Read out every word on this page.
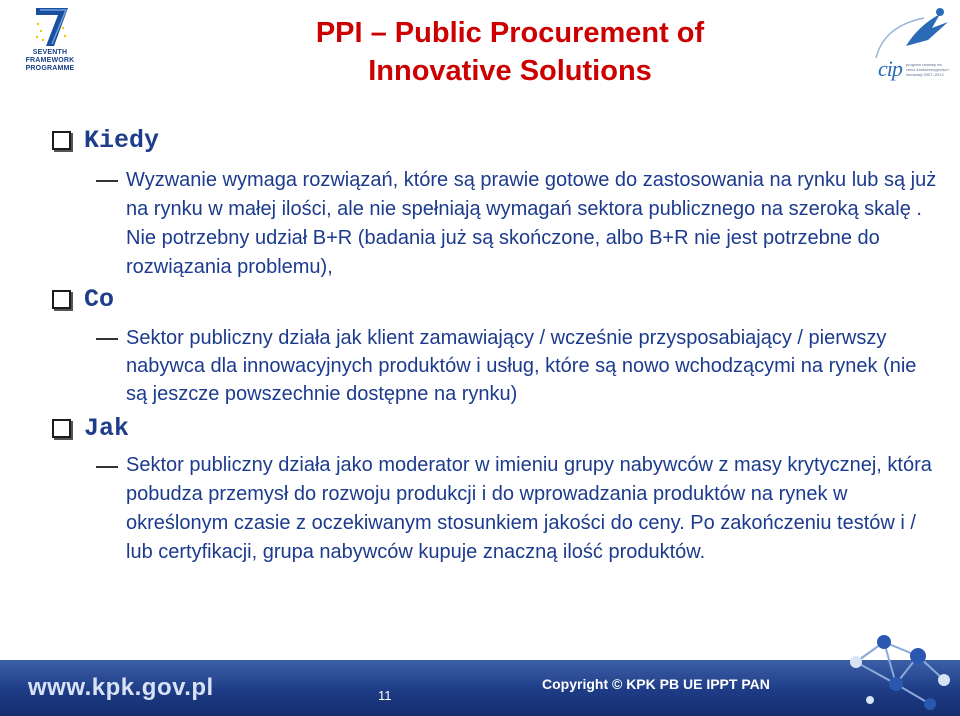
SEVENTH FRAMEWORK
PROGRAMME	cip program ramowy na rzecz konkurencyjności i innowacji 2007–2013
PPI – Public Procurement of
Innovative Solutions
Kiedy
Wyzwanie wymaga rozwiązań, które są prawie gotowe do zastosowania na rynku lub są już na rynku w małej ilości, ale nie spełniają wymagań sektora publicznego na szeroką skalę . Nie potrzebny udział B+R (badania już są skończone, albo B+R nie jest potrzebne do rozwiązania problemu),
Co
Sektor publiczny działa jak klient zamawiający / wcześnie przysposabiający / pierwszy nabywca dla innowacyjnych produktów i usług, które są nowo wchodzącymi na rynek (nie są jeszcze powszechnie dostępne na rynku)
Jak
Sektor publiczny działa jako moderator w imieniu grupy nabywców z masy krytycznej, która pobudza przemysł do rozwoju produkcji i do wprowadzania produktów na rynek w określonym czasie z oczekiwanym stosunkiem jakości do ceny. Po zakończeniu testów i / lub certyfikacji, grupa nabywców kupuje znaczną ilość produktów.
www.kpk.gov.pl	11
Copyright © KPK PB UE IPPT PAN
